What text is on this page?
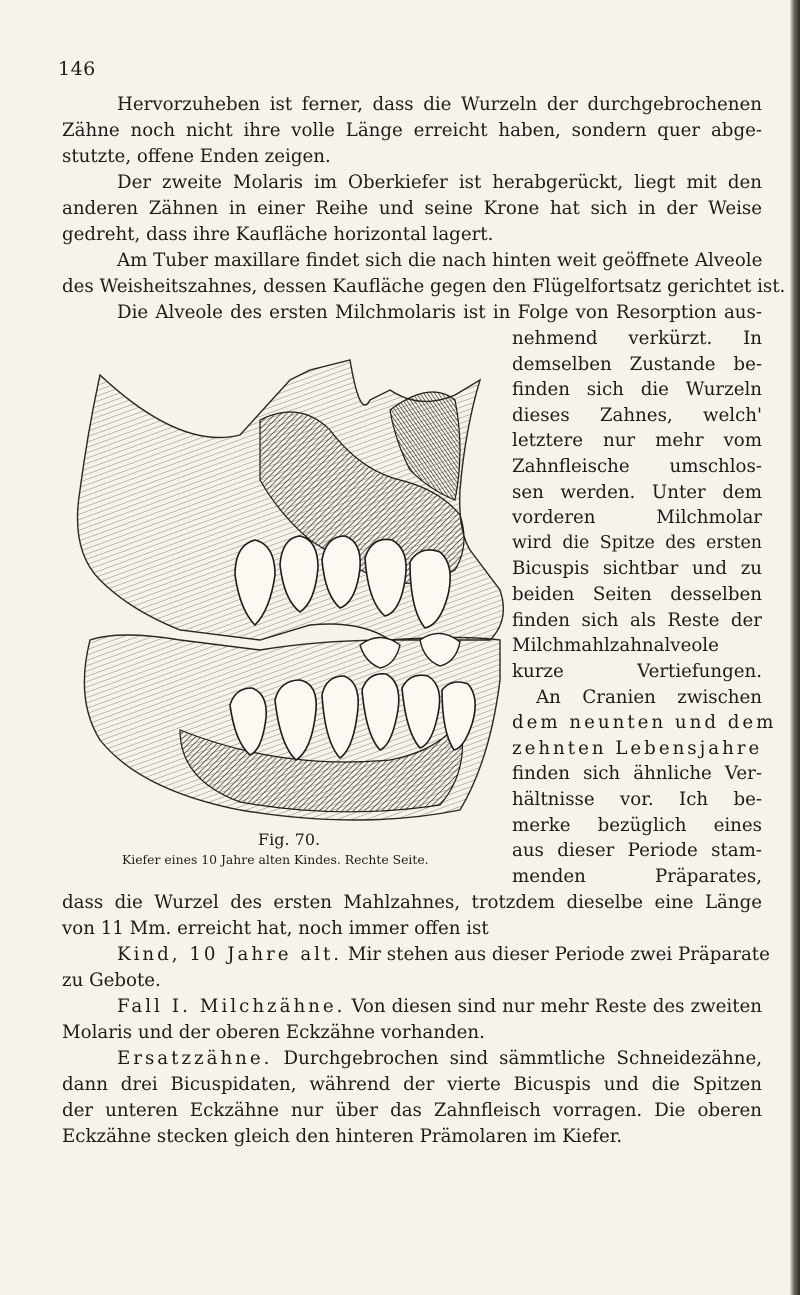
146
Hervorzuheben ist ferner, dass die Wurzeln der durchgebrochenen
Zähne noch nicht ihre volle Länge erreicht haben, sondern quer abge-
stutzte, offene Enden zeigen.
Der zweite Molaris im Oberkiefer ist herabgerückt, liegt mit den
anderen Zähnen in einer Reihe und seine Krone hat sich in der Weise
gedreht, dass ihre Kaufläche horizontal lagert.
Am Tuber maxillare findet sich die nach hinten weit geöffnete Alveole
des Weisheitszahnes, dessen Kaufläche gegen den Flügelfortsatz gerichtet ist.
Die Alveole des ersten Milchmolaris ist in Folge von Resorption aus-
nehmend verkürzt. In
demselben Zustande be-
finden sich die Wurzeln
dieses Zahnes, welch'
letztere nur mehr vom
Zahnfleische umschlos-
sen werden. Unter dem
vorderen Milchmolar
wird die Spitze des ersten
Bicuspis sichtbar und zu
beiden Seiten desselben
finden sich als Reste der
Milchmahlzahnalveole
kurze Vertiefungen.
An Cranien zwischen
dem neunten und dem
zehnten Lebensjahre
finden sich ähnliche Ver-
hältnisse vor. Ich be-
merke bezüglich eines
aus dieser Periode stam-
menden Präparates,
dass die Wurzel des ersten Mahlzahnes, trotzdem dieselbe eine Länge
von 11 Mm. erreicht hat, noch immer offen ist
Kind, 10 Jahre alt. Mir stehen aus dieser Periode zwei Präparate
zu Gebote.
Fall I. Milchzähne. Von diesen sind nur mehr Reste des zweiten
Molaris und der oberen Eckzähne vorhanden.
Ersatzzähne. Durchgebrochen sind sämmtliche Schneidezähne,
dann drei Bicuspidaten, während der vierte Bicuspis und die Spitzen
der unteren Eckzähne nur über das Zahnfleisch vorragen. Die oberen
Eckzähne stecken gleich den hinteren Prämolaren im Kiefer.
Fig. 70.
Kiefer eines 10 Jahre alten Kindes. Rechte Seite.
